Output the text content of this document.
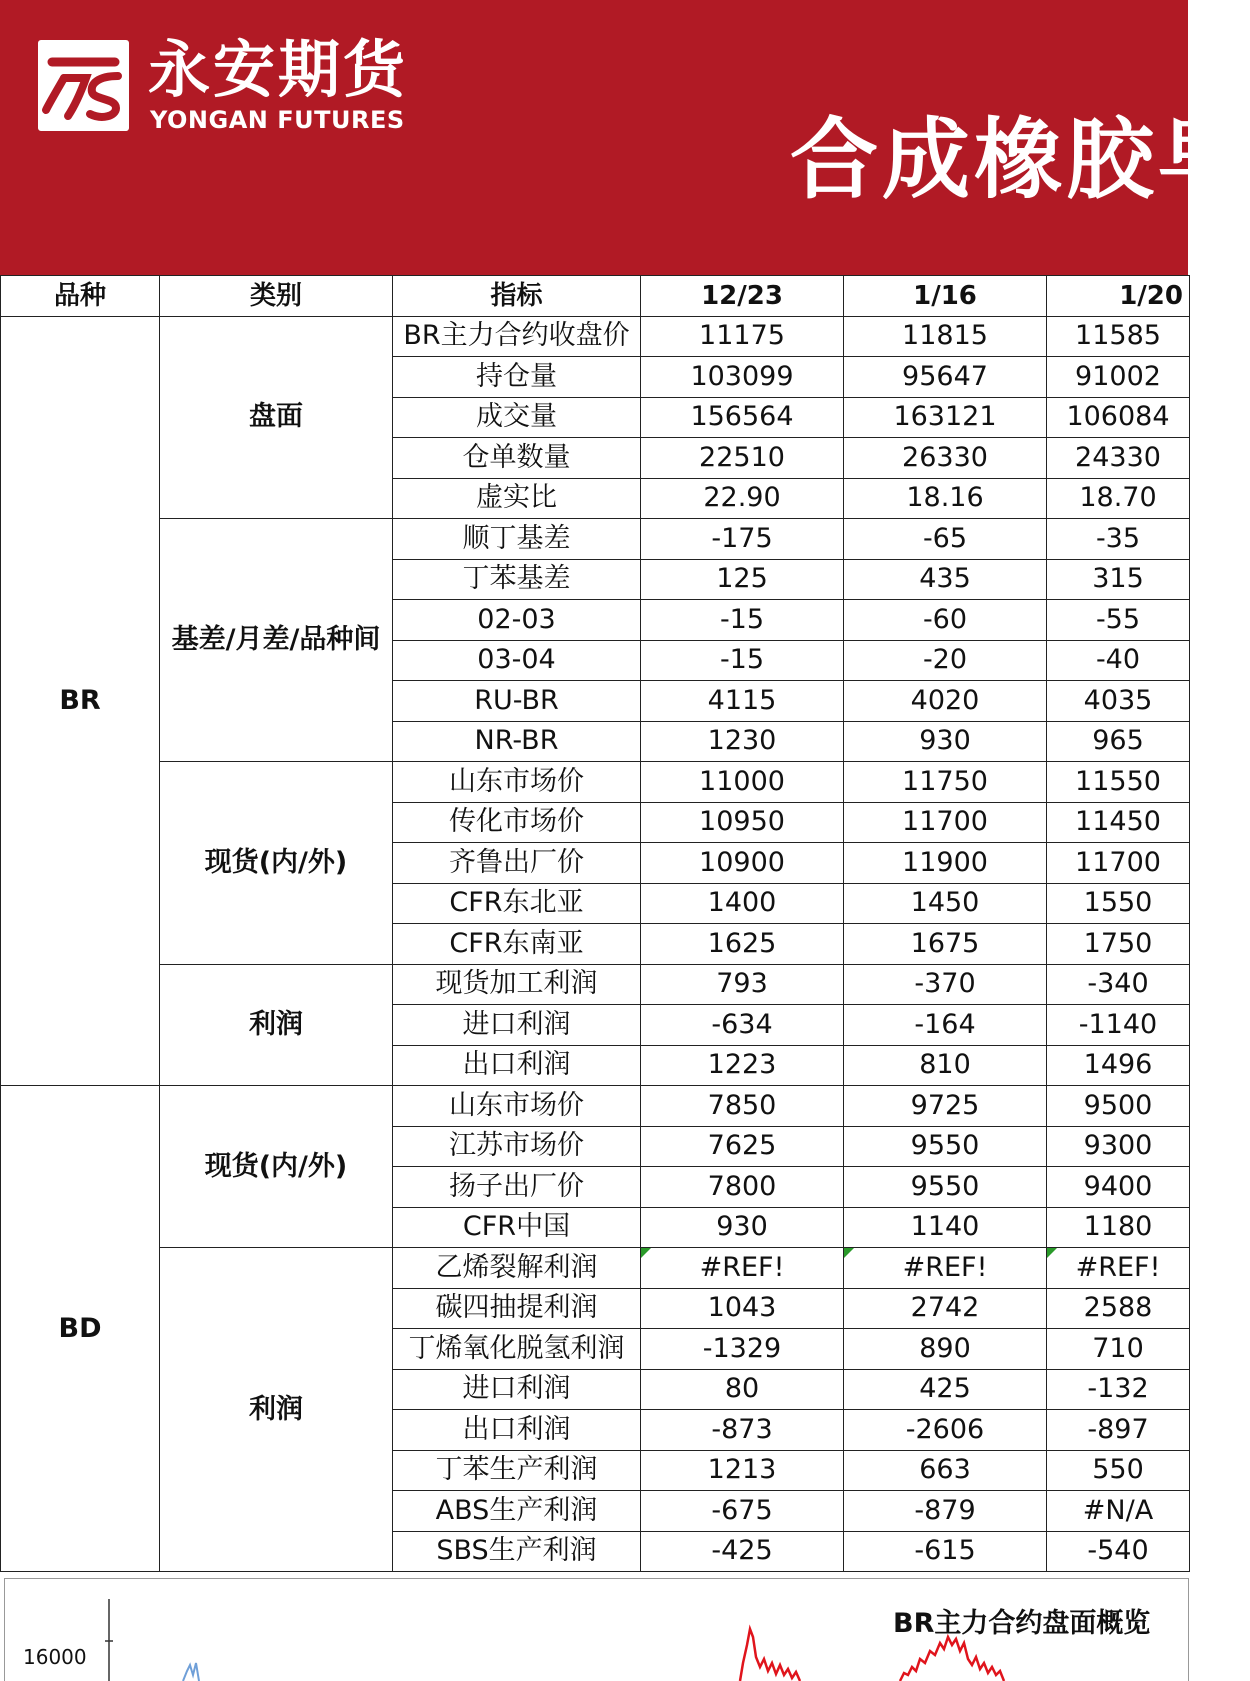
永安期货
YONGAN FUTURES	合成橡胶早
品种	类别	指标	12/23	1/16	1/20
BR	盘面	BR主力合约收盘价	11175	11815	11585
		持仓量	103099	95647	91002
		成交量	156564	163121	106084
		仓单数量	22510	26330	24330
		虚实比	22.90	18.16	18.70
	基差/月差/品种间	顺丁基差	-175	-65	-35
		丁苯基差	125	435	315
		02-03	-15	-60	-55
		03-04	-15	-20	-40
		RU-BR	4115	4020	4035
		NR-BR	1230	930	965
	现货(内/外)	山东市场价	11000	11750	11550
		传化市场价	10950	11700	11450
		齐鲁出厂价	10900	11900	11700
		CFR东北亚	1400	1450	1550
		CFR东南亚	1625	1675	1750
	利润	现货加工利润	793	-370	-340
		进口利润	-634	-164	-1140
		出口利润	1223	810	1496
BD	现货(内/外)	山东市场价	7850	9725	9500
		江苏市场价	7625	9550	9300
		扬子出厂价	7800	9550	9400
		CFR中国	930	1140	1180
	利润	乙烯裂解利润	#REF!	#REF!	#REF!
		碳四抽提利润	1043	2742	2588
		丁烯氧化脱氢利润	-1329	890	710
		进口利润	80	425	-132
		出口利润	-873	-2606	-897
		丁苯生产利润	1213	663	550
		ABS生产利润	-675	-879	#N/A
		SBS生产利润	-425	-615	-540
BR主力合约盘面概览
16000
